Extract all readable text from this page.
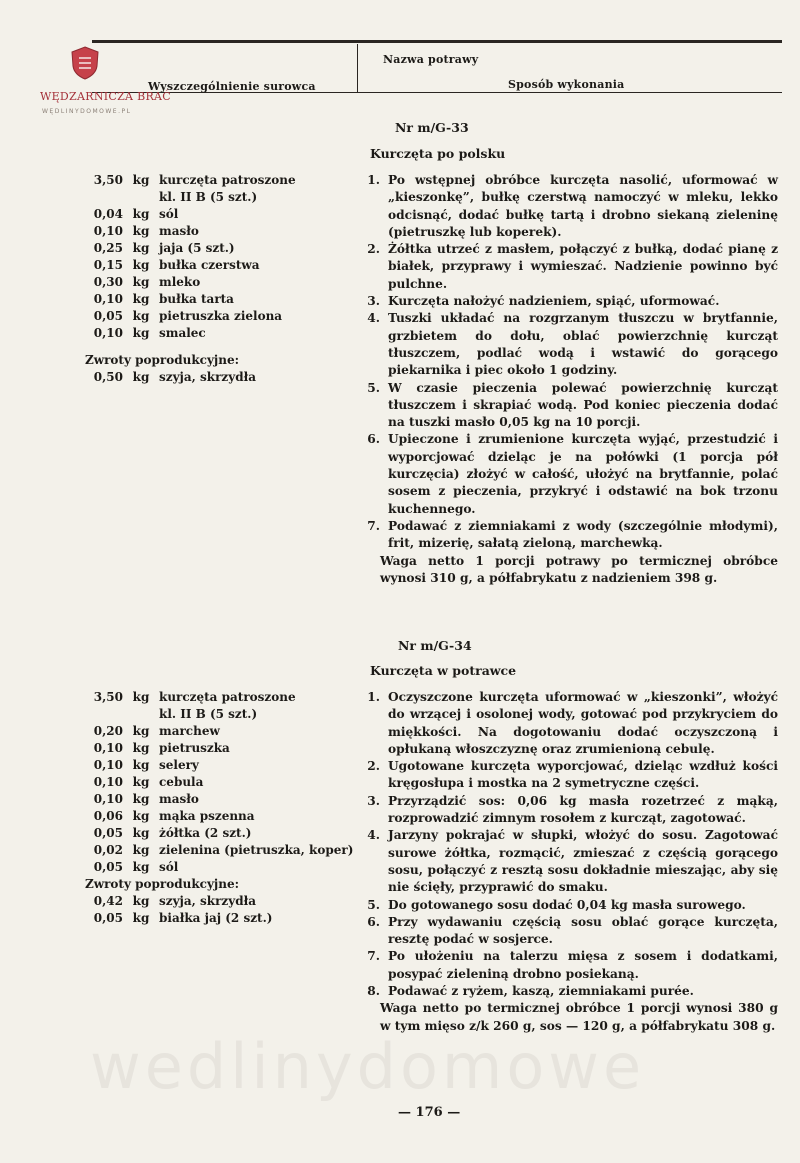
Nazwa potrawy
Wyszczególnienie surowca	Sposób wykonania
WĘDZARNICZA BRAĆ
WĘDLINYDOMOWE.PL
Nr m/G-33
Kurczęta po polsku
3,50 kg kurczęta patroszone
kl. II B (5 szt.)
0,04 kg sól
0,10 kg masło
0,25 kg jaja (5 szt.)
0,15 kg bułka czerstwa
0,30 kg mleko
0,10 kg bułka tarta
0,05 kg pietruszka zielona
0,10 kg smalec
Zwroty poprodukcyjne:
0,50 kg szyja, skrzydła
1. Po wstępnej obróbce kurczęta nasolić, uformować w „kieszonkę”, bułkę czerstwą namoczyć w mleku, lekko odcisnąć, dodać bułkę tartą i drobno siekaną zieleninę (pietruszkę lub koperek).
2. Żółtka utrzeć z masłem, połączyć z bułką, dodać pianę z białek, przyprawy i wymieszać. Nadzienie powinno być pulchne.
3. Kurczęta nałożyć nadzieniem, spiąć, uformować.
4. Tuszki układać na rozgrzanym tłuszczu w brytfannie, grzbietem do dołu, oblać powierzchnię kurcząt tłuszczem, podlać wodą i wstawić do gorącego piekarnika i piec około 1 godziny.
5. W czasie pieczenia polewać powierzchnię kurcząt tłuszczem i skrapiać wodą. Pod koniec pieczenia dodać na tuszki masło 0,05 kg na 10 porcji.
6. Upieczone i zrumienione kurczęta wyjąć, przestudzić i wyporcjować dzieląc je na połówki (1 porcja pół kurczęcia) złożyć w całość, ułożyć na brytfannie, polać sosem z pieczenia, przykryć i odstawić na bok trzonu kuchennego.
7. Podawać z ziemniakami z wody (szczególnie młodymi), frit, mizerię, sałatą zieloną, marchewką.
Waga netto 1 porcji potrawy po termicznej obróbce wynosi 310 g, a półfabrykatu z nadzieniem 398 g.
Nr m/G-34
Kurczęta w potrawce
3,50 kg kurczęta patroszone
kl. II B (5 szt.)
0,20 kg marchew
0,10 kg pietruszka
0,10 kg selery
0,10 kg cebula
0,10 kg masło
0,06 kg mąka pszenna
0,05 kg żółtka (2 szt.)
0,02 kg zielenina (pietruszka, koper)
0,05 kg sól
Zwroty poprodukcyjne:
0,42 kg szyja, skrzydła
0,05 kg białka jaj (2 szt.)
1. Oczyszczone kurczęta uformować w „kieszonki”, włożyć do wrzącej i osolonej wody, gotować pod przykryciem do miękkości. Na dogotowaniu dodać oczyszczoną i opłukaną włoszczyznę oraz zrumienioną cebulę.
2. Ugotowane kurczęta wyporcjować, dzieląc wzdłuż kości kręgosłupa i mostka na 2 symetryczne części.
3. Przyrządzić sos: 0,06 kg masła rozetrzeć z mąką, rozprowadzić zimnym rosołem z kurcząt, zagotować.
4. Jarzyny pokrajać w słupki, włożyć do sosu. Zagotować surowe żółtka, rozmącić, zmieszać z częścią gorącego sosu, połączyć z resztą sosu dokładnie mieszając, aby się nie ścięły, przyprawić do smaku.
5. Do gotowanego sosu dodać 0,04 kg masła surowego.
6. Przy wydawaniu częścią sosu oblać gorące kurczęta, resztę podać w sosjerce.
7. Po ułożeniu na talerzu mięsa z sosem i dodatkami, posypać zieleniną drobno posiekaną.
8. Podawać z ryżem, kaszą, ziemniakami purée.
Waga netto po termicznej obróbce 1 porcji wynosi 380 g w tym mięso z/k 260 g, sos — 120 g, a półfabrykatu 308 g.
wedlinydomowe
— 176 —
